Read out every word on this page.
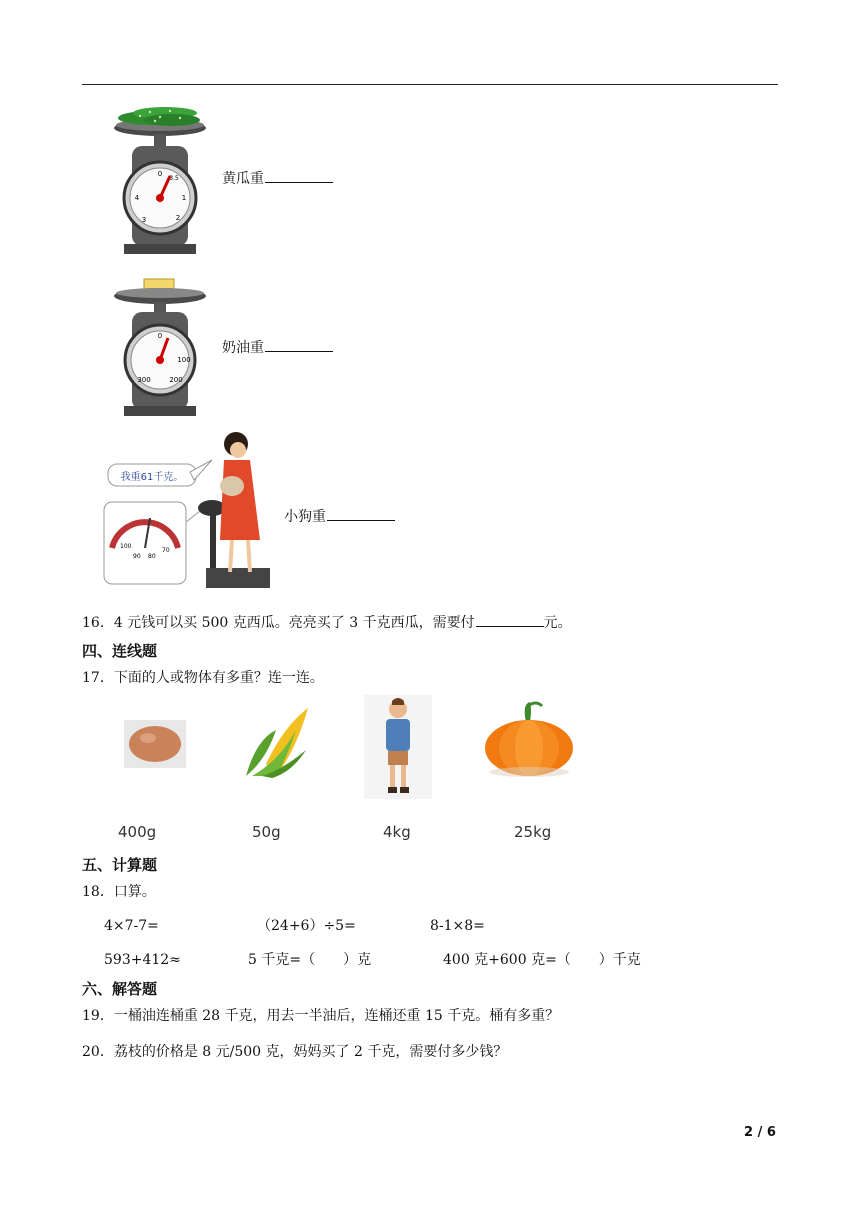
0
1
2
3
4
3.5	黄瓜重
0
100
200
300
奶油重
我重61千克。
100
90 80
70
小狗重
16．4 元钱可以买 500 克西瓜。亮亮买了 3 千克西瓜，需要付	元。
四、连线题
17．下面的人或物体有多重？连一连。
400g	50g	4kg	25kg
五、计算题
18．口算。
4×7-7=	（24+6）÷5=	8-1×8=
593+412≈	5 千克=（　　）克	400 克+600 克=（　　）千克
六、解答题
19．一桶油连桶重 28 千克，用去一半油后，连桶还重 15 千克。桶有多重？
20．荔枝的价格是 8 元/500 克，妈妈买了 2 千克，需要付多少钱？
2 / 6
